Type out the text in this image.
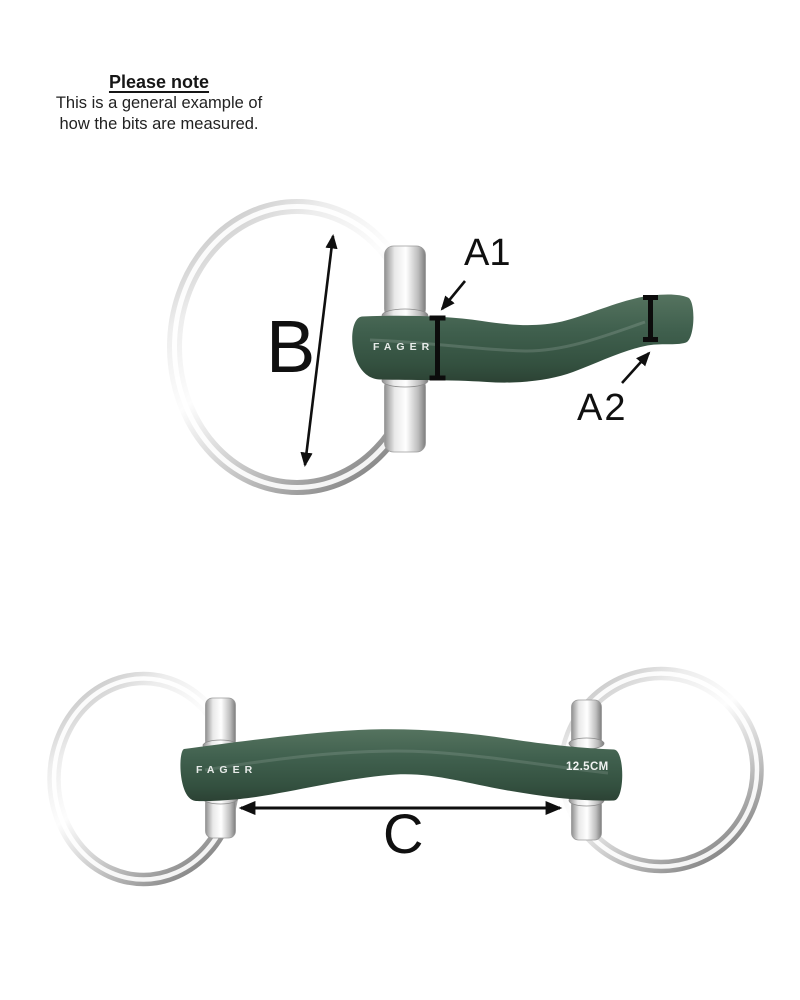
Please note
This is a general example of
how the bits are measured.
B
A1
A2
FAGER
C
FAGER	12.5CM
